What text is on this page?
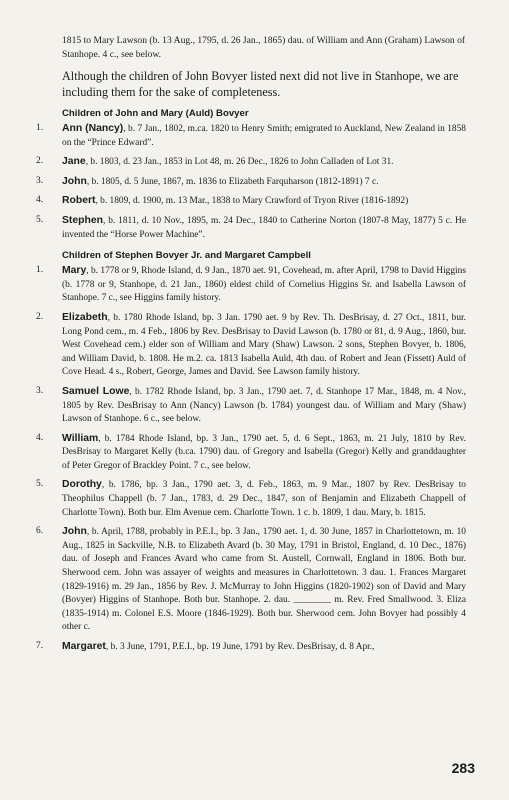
1815 to Mary Lawson (b. 13 Aug., 1795, d. 26 Jan., 1865) dau. of William and Ann (Graham) Lawson of Stanhope. 4 c., see below.
Although the children of John Bovyer listed next did not live in Stanhope, we are including them for the sake of completeness.
Children of John and Mary (Auld) Bovyer
1.	Ann (Nancy), b. 7 Jan., 1802, m.ca. 1820 to Henry Smith; emigrated to Auckland, New Zealand in 1858 on the “Prince Edward”.
2.	Jane, b. 1803, d. 23 Jan., 1853 in Lot 48, m. 26 Dec., 1826 to John Calladen of Lot 31.
3.	John, b. 1805, d. 5 June, 1867, m. 1836 to Elizabeth Farquharson (1812-1891) 7 c.
4.	Robert, b. 1809, d. 1900, m. 13 Mar., 1838 to Mary Crawford of Tryon River (1816-1892)
5.	Stephen, b. 1811, d. 10 Nov., 1895, m. 24 Dec., 1840 to Catherine Norton (1807-8 May, 1877) 5 c. He invented the “Horse Power Machine”.
Children of Stephen Bovyer Jr. and Margaret Campbell
1.	Mary, b. 1778 or 9, Rhode Island, d. 9 Jan., 1870 aet. 91, Covehead, m. after April, 1798 to David Higgins (b. 1778 or 9, Stanhope, d. 21 Jan., 1860) eldest child of Cornelius Higgins Sr. and Isabella Lawson of Stanhope. 7 c., see Higgins family history.
2.	Elizabeth, b. 1780 Rhode Island, bp. 3 Jan. 1790 aet. 9 by Rev. Th. DesBrisay, d. 27 Oct., 1811, bur. Long Pond cem., m. 4 Feb., 1806 by Rev. DesBrisay to David Lawson (b. 1780 or 81, d. 9 Aug., 1860, bur. West Covehead cem.) elder son of William and Mary (Shaw) Lawson. 2 sons, Stephen Bovyer, b. 1806, and William David, b. 1808. He m.2. ca. 1813 Isabella Auld, 4th dau. of Robert and Jean (Fissett) Auld of Cove Head. 4 s., Robert, George, James and David. See Lawson family history.
3.	Samuel Lowe, b. 1782 Rhode Island, bp. 3 Jan., 1790 aet. 7, d. Stanhope 17 Mar., 1848, m. 4 Nov., 1805 by Rev. DesBrisay to Ann (Nancy) Lawson (b. 1784) youngest dau. of William and Mary (Shaw) Lawson of Stanhope. 6 c., see below.
4.	William, b. 1784 Rhode Island, bp. 3 Jan., 1790 aet. 5, d. 6 Sept., 1863, m. 21 July, 1810 by Rev. DesBrisay to Margaret Kelly (b.ca. 1790) dau. of Gregory and Isabella (Gregor) Kelly and granddaughter of Peter Gregor of Brackley Point. 7 c., see below.
5.	Dorothy, b. 1786, bp. 3 Jan., 1790 aet. 3, d. Feb., 1863, m. 9 Mar., 1807 by Rev. DesBrisay to Theophilus Chappell (b. 7 Jan., 1783, d. 29 Dec., 1847, son of Benjamin and Elizabeth Chappell of Charlotte Town). Both bur. Elm Avenue cem. Charlotte Town. 1 c. b. 1809, 1 dau. Mary, b. 1815.
6.	John, b. April, 1788, probably in P.E.I., bp. 3 Jan., 1790 aet. 1, d. 30 June, 1857 in Charlottetown, m. 10 Aug., 1825 in Sackville, N.B. to Elizabeth Avard (b. 30 May, 1791 in Bristol, England, d. 10 Dec., 1876) dau. of Joseph and Frances Avard who came from St. Austell, Cornwall, England in 1806. Both bur. Sherwood cem. John was assayer of weights and measures in Charlottetown. 3 dau. 1. Frances Margaret (1829-1916) m. 29 Jan., 1856 by Rev. J. McMurray to John Higgins (1820-1902) son of David and Mary (Bovyer) Higgins of Stanhope. Both bur. Stanhope. 2. dau. ________ m. Rev. Fred Smallwood. 3. Eliza (1835-1914) m. Colonel E.S. Moore (1846-1929). Both bur. Sherwood cem. John Bovyer had possibly 4 other c.
7.	Margaret, b. 3 June, 1791, P.E.I., bp. 19 June, 1791 by Rev. DesBrisay, d. 8 Apr.,
283
